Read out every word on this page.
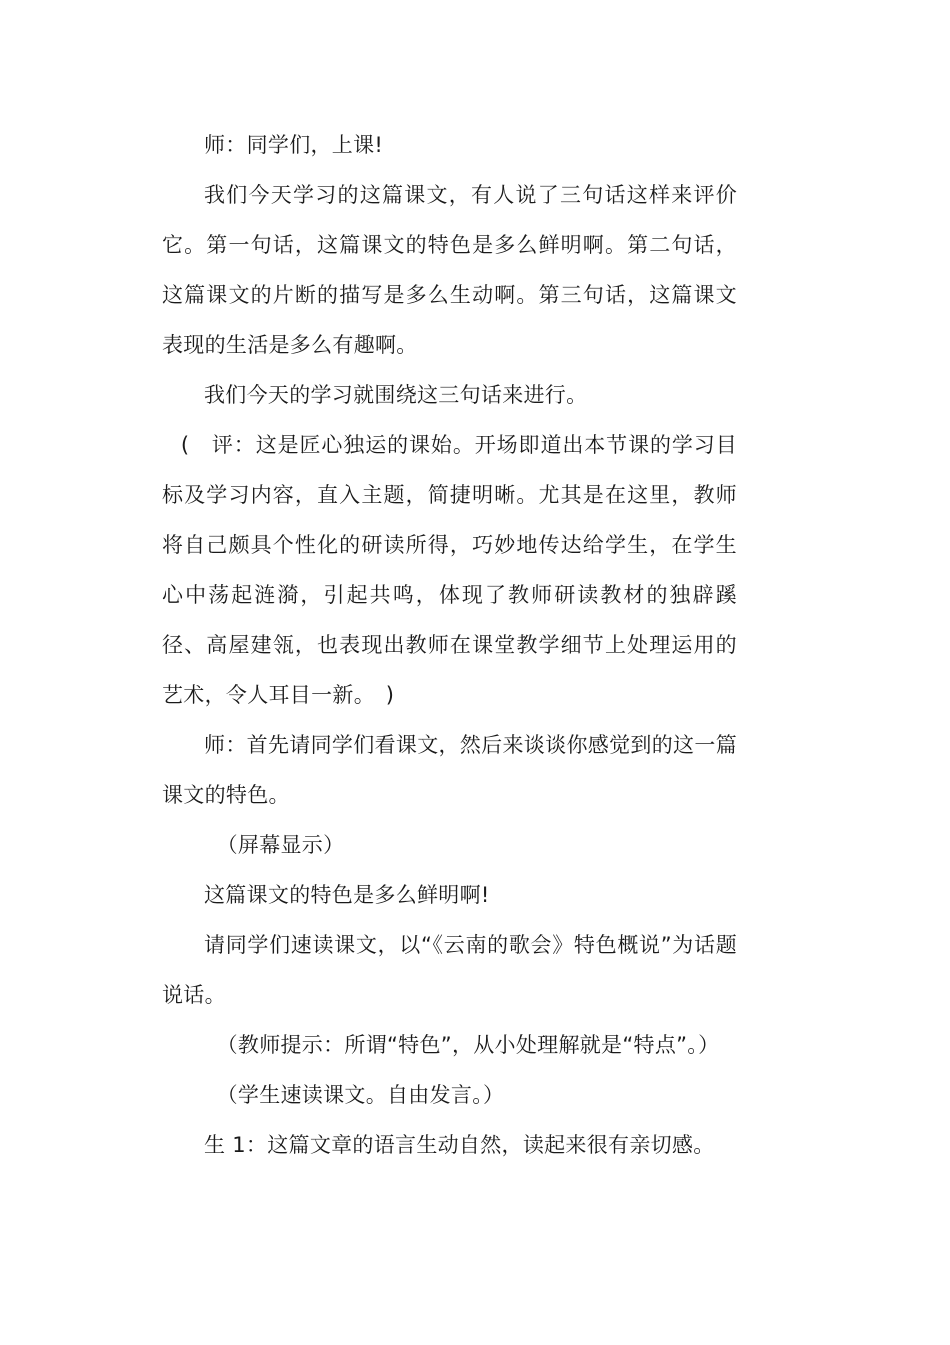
师：同学们，上课!

我们今天学习的这篇课文，有人说了三句话这样来评价它。第一句话，这篇课文的特色是多么鲜明啊。第二句话，这篇课文的片断的描写是多么生动啊。第三句话，这篇课文表现的生活是多么有趣啊。

我们今天的学习就围绕这三句话来进行。

(　评：这是匠心独运的课始。开场即道出本节课的学习目标及学习内容，直入主题，简捷明晰。尤其是在这里，教师将自己颇具个性化的研读所得，巧妙地传达给学生，在学生心中荡起涟漪，引起共鸣，体现了教师研读教材的独辟蹊径、高屋建瓴，也表现出教师在课堂教学细节上处理运用的艺术，令人耳目一新。　)

师：首先请同学们看课文，然后来谈谈你感觉到的这一篇课文的特色。

（屏幕显示）

这篇课文的特色是多么鲜明啊!

请同学们速读课文，以“《云南的歌会》特色概说”为话题说话。

（教师提示：所谓“特色”，从小处理解就是“特点”。）

（学生速读课文。自由发言。）

生 1：这篇文章的语言生动自然，读起来很有亲切感。
